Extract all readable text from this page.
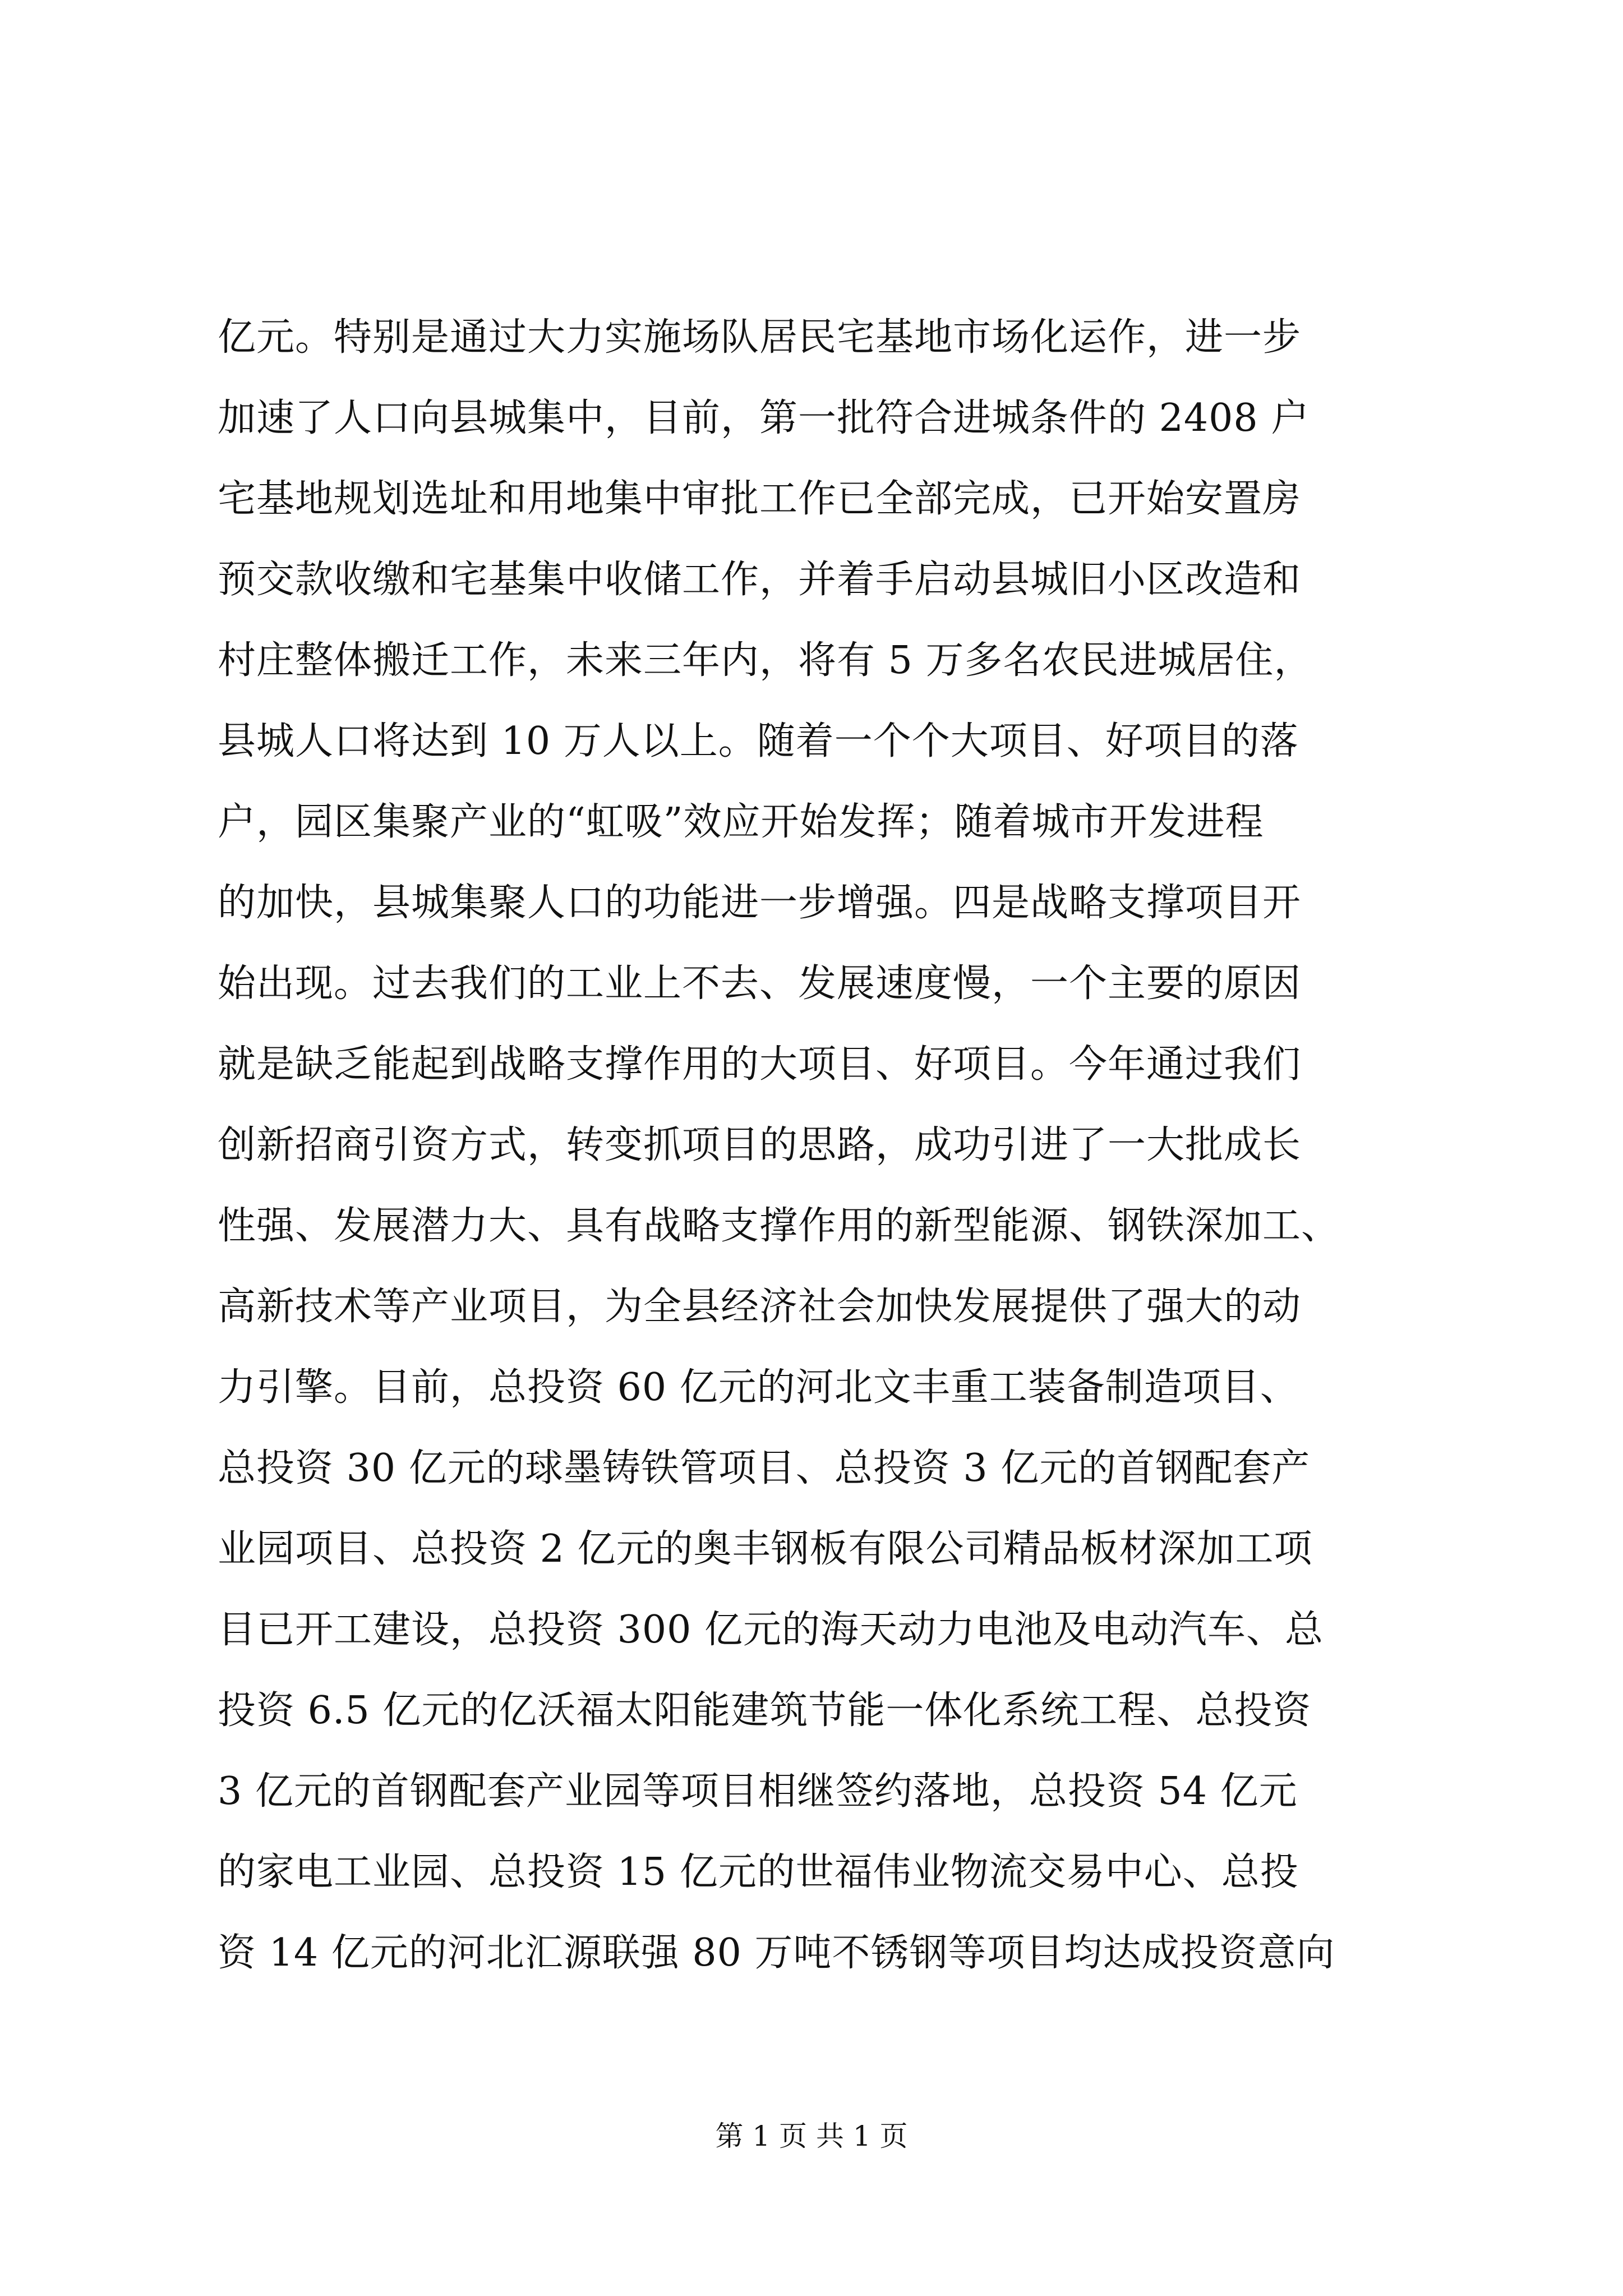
亿元。特别是通过大力实施场队居民宅基地市场化运作，进一步
加速了人口向县城集中，目前，第一批符合进城条件的 2408 户
宅基地规划选址和用地集中审批工作已全部完成，已开始安置房
预交款收缴和宅基集中收储工作，并着手启动县城旧小区改造和
村庄整体搬迁工作，未来三年内，将有 5 万多名农民进城居住，
县城人口将达到 10 万人以上。随着一个个大项目、好项目的落
户，园区集聚产业的“虹吸”效应开始发挥；随着城市开发进程
的加快，县城集聚人口的功能进一步增强。四是战略支撑项目开
始出现。过去我们的工业上不去、发展速度慢，一个主要的原因
就是缺乏能起到战略支撑作用的大项目、好项目。今年通过我们
创新招商引资方式，转变抓项目的思路，成功引进了一大批成长
性强、发展潜力大、具有战略支撑作用的新型能源、钢铁深加工、
高新技术等产业项目，为全县经济社会加快发展提供了强大的动
力引擎。目前，总投资 60 亿元的河北文丰重工装备制造项目、
总投资 30 亿元的球墨铸铁管项目、总投资 3 亿元的首钢配套产
业园项目、总投资 2 亿元的奥丰钢板有限公司精品板材深加工项
目已开工建设，总投资 300 亿元的海天动力电池及电动汽车、总
投资 6.5 亿元的亿沃福太阳能建筑节能一体化系统工程、总投资
3 亿元的首钢配套产业园等项目相继签约落地，总投资 54 亿元
的家电工业园、总投资 15 亿元的世福伟业物流交易中心、总投
资 14 亿元的河北汇源联强 80 万吨不锈钢等项目均达成投资意向
第 1 页 共 1 页
